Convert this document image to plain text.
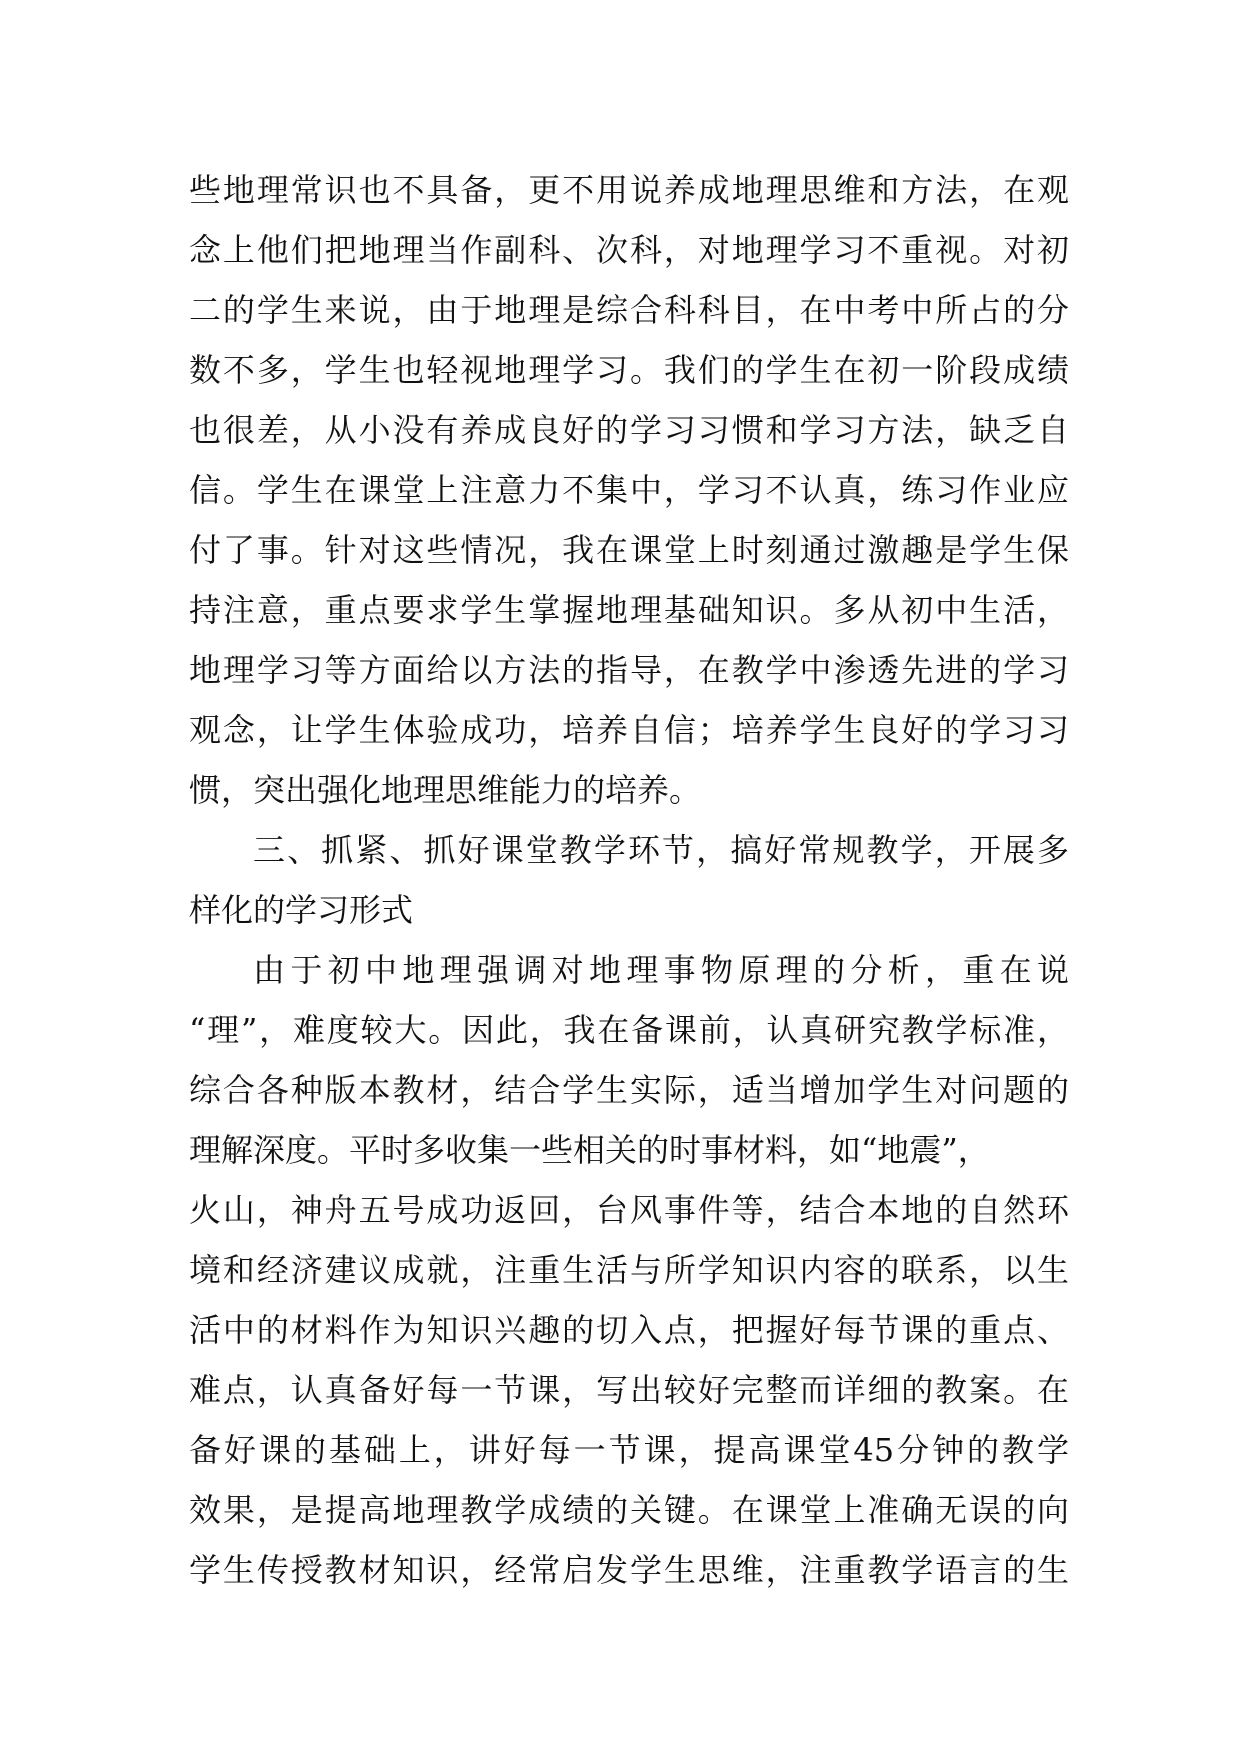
些地理常识也不具备，更不用说养成地理思维和方法，在观
念上他们把地理当作副科、次科，对地理学习不重视。对初
二的学生来说，由于地理是综合科科目，在中考中所占的分
数不多，学生也轻视地理学习。我们的学生在初一阶段成绩
也很差，从小没有养成良好的学习习惯和学习方法，缺乏自
信。学生在课堂上注意力不集中，学习不认真，练习作业应
付了事。针对这些情况，我在课堂上时刻通过激趣是学生保
持注意，重点要求学生掌握地理基础知识。多从初中生活，
地理学习等方面给以方法的指导，在教学中渗透先进的学习
观念，让学生体验成功，培养自信；培养学生良好的学习习
惯，突出强化地理思维能力的培养。
三、抓紧、抓好课堂教学环节，搞好常规教学，开展多
样化的学习形式
由于初中地理强调对地理事物原理的分析，重在说
“理”，难度较大。因此，我在备课前，认真研究教学标准，
综合各种版本教材，结合学生实际，适当增加学生对问题的
理解深度。平时多收集一些相关的时事材料，如“地震”，
火山，神舟五号成功返回，台风事件等，结合本地的自然环
境和经济建议成就，注重生活与所学知识内容的联系，以生
活中的材料作为知识兴趣的切入点，把握好每节课的重点、
难点，认真备好每一节课，写出较好完整而详细的教案。在
备好课的基础上，讲好每一节课，提高课堂45分钟的教学
效果，是提高地理教学成绩的关键。在课堂上准确无误的向
学生传授教材知识，经常启发学生思维，注重教学语言的生
